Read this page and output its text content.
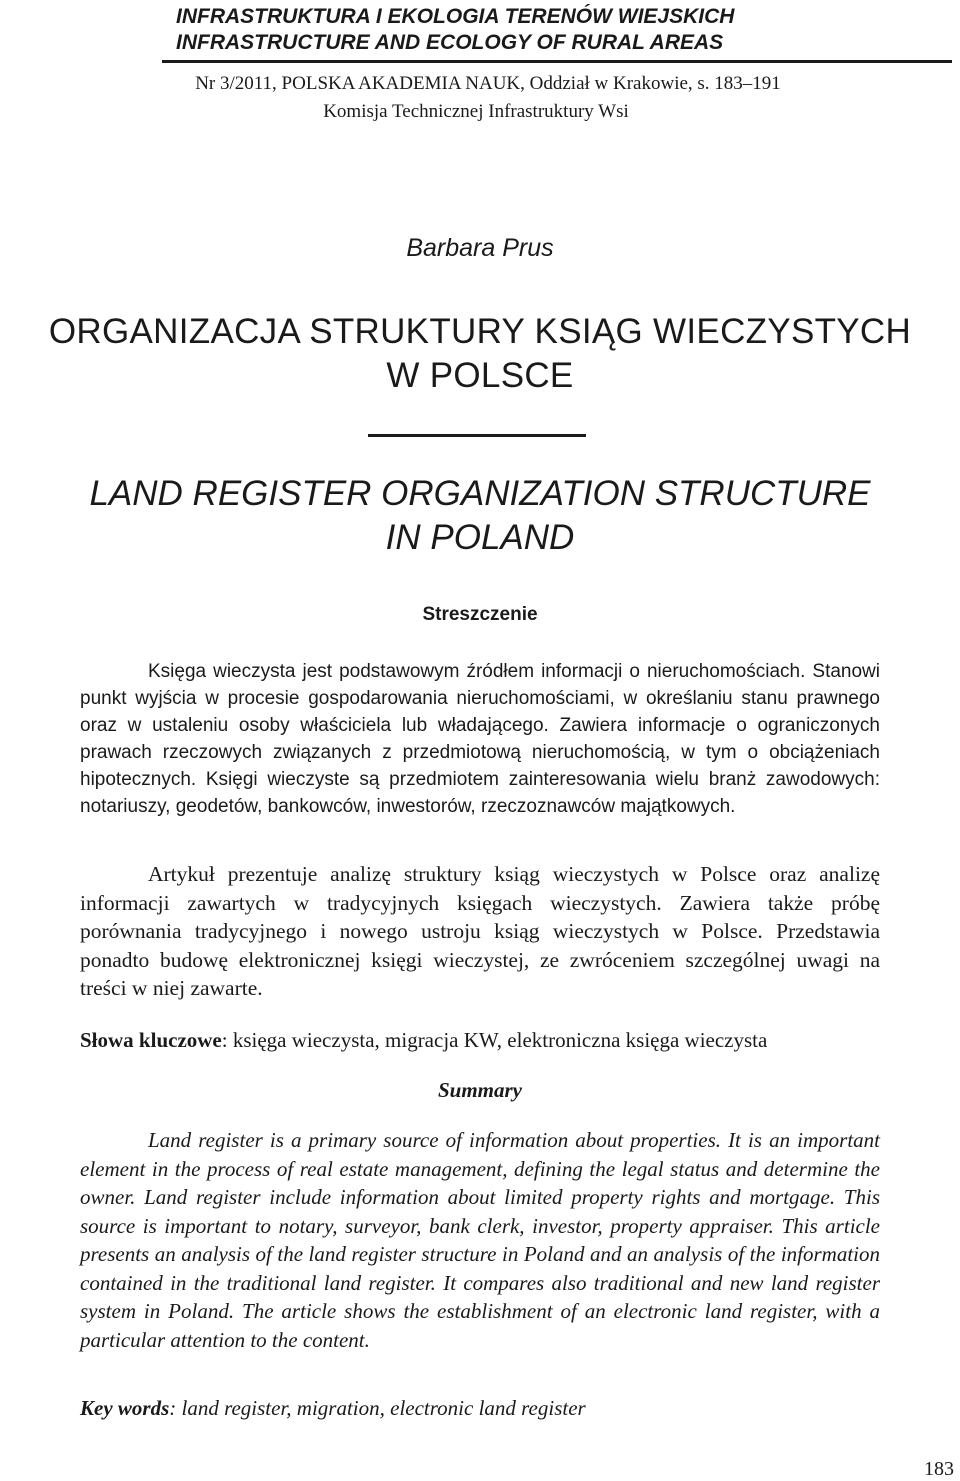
INFRASTRUKTURA I EKOLOGIA TERENÓW WIEJSKICH
INFRASTRUCTURE AND ECOLOGY OF RURAL AREAS
Nr 3/2011, POLSKA AKADEMIA NAUK, Oddział w Krakowie, s. 183–191
Komisja Technicznej Infrastruktury Wsi
Barbara Prus
ORGANIZACJA STRUKTURY KSIĄG WIECZYSTYCH
W POLSCE
LAND REGISTER ORGANIZATION STRUCTURE
IN POLAND
Streszczenie

Księga wieczysta jest podstawowym źródłem informacji o nieruchomościach. Stanowi punkt wyjścia w procesie gospodarowania nieruchomościami, w określaniu stanu prawnego oraz w ustaleniu osoby właściciela lub władającego. Zawiera informacje o ograniczonych prawach rzeczowych związanych z przedmiotową nieruchomością, w tym o obciążeniach hipotecznych. Księgi wieczyste są przedmiotem zainteresowania wielu branż zawodowych: notariuszy, geodetów, bankowców, inwestorów, rzeczoznawców majątkowych.

Artykuł prezentuje analizę struktury ksiąg wieczystych w Polsce oraz analizę informacji zawartych w tradycyjnych księgach wieczystych. Zawiera także próbę porównania tradycyjnego i nowego ustroju ksiąg wieczystych w Polsce. Przedstawia ponadto budowę elektronicznej księgi wieczystej, ze zwróceniem szczególnej uwagi na treści w niej zawarte.

Słowa kluczowe: księga wieczysta, migracja KW, elektroniczna księga wieczysta
Summary

Land register is a primary source of information about properties. It is an important element in the process of real estate management, defining the legal status and determine the owner. Land register include information about limited property rights and mortgage. This source is important to notary, surveyor, bank clerk, investor, property appraiser. This article presents an analysis of the land register structure in Poland and an analysis of the information contained in the traditional land register. It compares also traditional and new land register system in Poland. The article shows the establishment of an electronic land register, with a particular attention to the content.

Key words: land register, migration, electronic land register
183
